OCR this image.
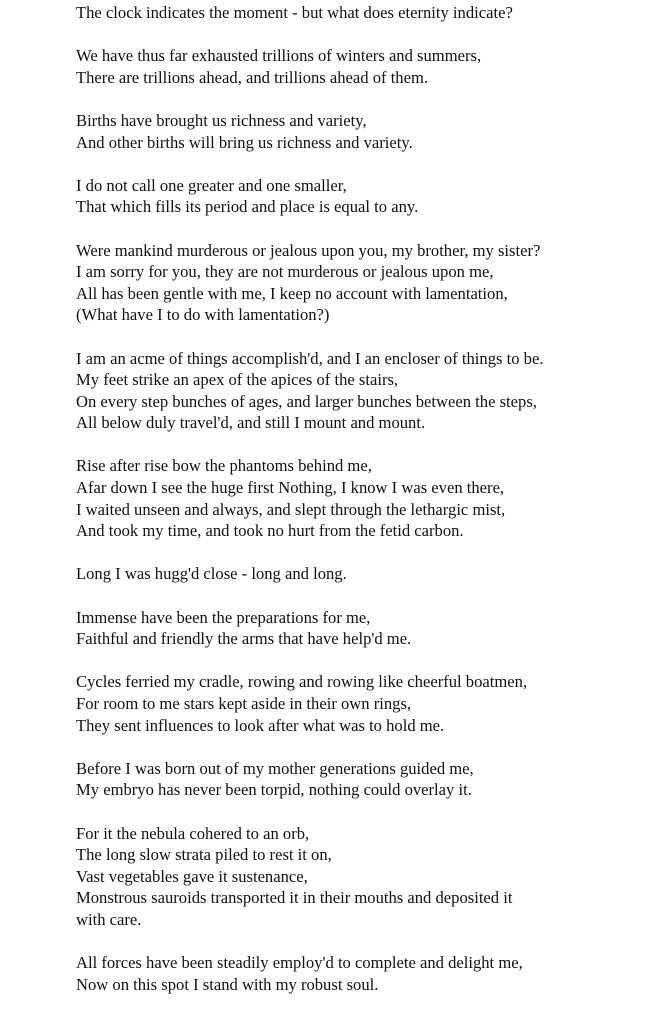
The clock indicates the moment - but what does eternity indicate?
We have thus far exhausted trillions of winters and summers,
There are trillions ahead, and trillions ahead of them.
Births have brought us richness and variety,
And other births will bring us richness and variety.
I do not call one greater and one smaller,
That which fills its period and place is equal to any.
Were mankind murderous or jealous upon you, my brother, my sister?
I am sorry for you, they are not murderous or jealous upon me,
All has been gentle with me, I keep no account with lamentation,
(What have I to do with lamentation?)
I am an acme of things accomplish'd, and I an encloser of things to be.
My feet strike an apex of the apices of the stairs,
On every step bunches of ages, and larger bunches between the steps,
All below duly travel'd, and still I mount and mount.
Rise after rise bow the phantoms behind me,
Afar down I see the huge first Nothing, I know I was even there,
I waited unseen and always, and slept through the lethargic mist,
And took my time, and took no hurt from the fetid carbon.
Long I was hugg'd close - long and long.
Immense have been the preparations for me,
Faithful and friendly the arms that have help'd me.
Cycles ferried my cradle, rowing and rowing like cheerful boatmen,
For room to me stars kept aside in their own rings,
They sent influences to look after what was to hold me.
Before I was born out of my mother generations guided me,
My embryo has never been torpid, nothing could overlay it.
For it the nebula cohered to an orb,
The long slow strata piled to rest it on,
Vast vegetables gave it sustenance,
Monstrous sauroids transported it in their mouths and deposited it
with care.
All forces have been steadily employ'd to complete and delight me,
Now on this spot I stand with my robust soul.
